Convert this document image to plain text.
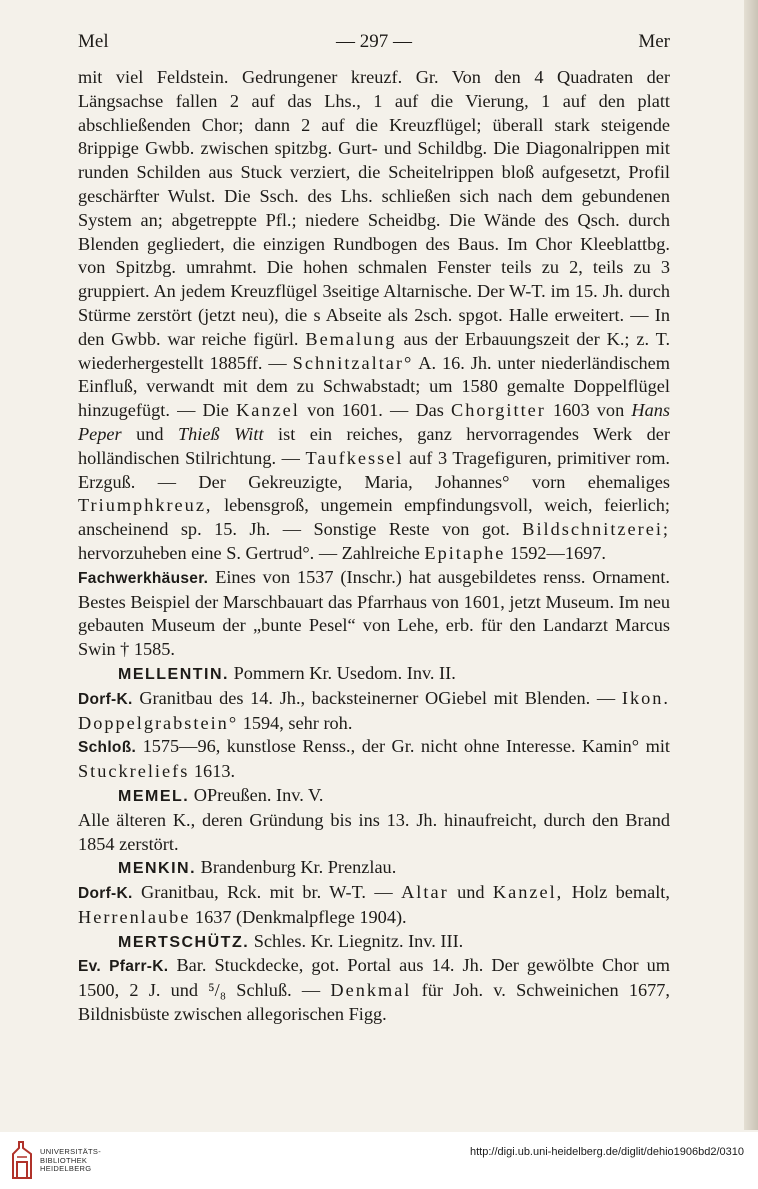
Mel	— 297 —	Mer

mit viel Feldstein. Gedrungener kreuzf. Gr. Von den 4 Quadraten der Längsachse fallen 2 auf das Lhs., 1 auf die Vierung, 1 auf den platt abschließenden Chor; dann 2 auf die Kreuzflügel; überall stark steigende 8rippige Gwbb. zwischen spitzbg. Gurt- und Schildbg. Die Diagonalrippen mit runden Schilden aus Stuck verziert, die Scheitelrippen bloß aufgesetzt, Profil geschärfter Wulst. Die Ssch. des Lhs. schließen sich nach dem gebundenen System an; abgetreppte Pfl.; niedere Scheidbg. Die Wände des Qsch. durch Blenden gegliedert, die einzigen Rundbogen des Baus. Im Chor Kleeblattbg. von Spitzbg. umrahmt. Die hohen schmalen Fenster teils zu 2, teils zu 3 gruppiert. An jedem Kreuzflügel 3seitige Altarnische. Der W-T. im 15. Jh. durch Stürme zerstört (jetzt neu), die s Abseite als 2sch. spgot. Halle erweitert. — In den Gwbb. war reiche figürl. Bemalung aus der Erbauungszeit der K.; z. T. wiederhergestellt 1885ff. — Schnitzaltar° A. 16. Jh. unter niederländischem Einfluß, verwandt mit dem zu Schwabstadt; um 1580 gemalte Doppelflügel hinzugefügt. — Die Kanzel von 1601. — Das Chorgitter 1603 von Hans Peper und Thieß Witt ist ein reiches, ganz hervorragendes Werk der holländischen Stilrichtung. — Taufkessel auf 3 Tragefiguren, primitiver rom. Erzguß. — Der Gekreuzigte, Maria, Johannes° vorn ehemaliges Triumphkreuz, lebensgroß, ungemein empfindungsvoll, weich, feierlich; anscheinend sp. 15. Jh. — Sonstige Reste von got. Bildschnitzerei; hervorzuheben eine S. Gertrud°. — Zahlreiche Epitaphe 1592—1697.

Fachwerkhäuser. Eines von 1537 (Inschr.) hat ausgebildetes renss. Ornament. Bestes Beispiel der Marschbauart das Pfarrhaus von 1601, jetzt Museum. Im neu gebauten Museum der „bunte Pesel“ von Lehe, erb. für den Landarzt Marcus Swin † 1585.

MELLENTIN. Pommern Kr. Usedom. Inv. II.

Dorf-K. Granitbau des 14. Jh., backsteinerner OGiebel mit Blenden. — Ikon. Doppelgrabstein° 1594, sehr roh.

Schloß. 1575—96, kunstlose Renss., der Gr. nicht ohne Interesse. Kamin° mit Stuckreliefs 1613.

MEMEL. OPreußen. Inv. V.

Alle älteren K., deren Gründung bis ins 13. Jh. hinaufreicht, durch den Brand 1854 zerstört.

MENKIN. Brandenburg Kr. Prenzlau.

Dorf-K. Granitbau, Rck. mit br. W-T. — Altar und Kanzel, Holz bemalt, Herrenlaube 1637 (Denkmalpflege 1904).

MERTSCHÜTZ. Schles. Kr. Liegnitz. Inv. III.

Ev. Pfarr-K. Bar. Stuckdecke, got. Portal aus 14. Jh. Der gewölbte Chor um 1500, 2 J. und ⁵/₈ Schluß. — Denkmal für Joh. v. Schweinichen 1677, Bildnisbüste zwischen allegorischen Figg.

UNIVERSITÄTS-
BIBLIOTHEK
HEIDELBERG
http://digi.ub.uni-heidelberg.de/diglit/dehio1906bd2/0310
